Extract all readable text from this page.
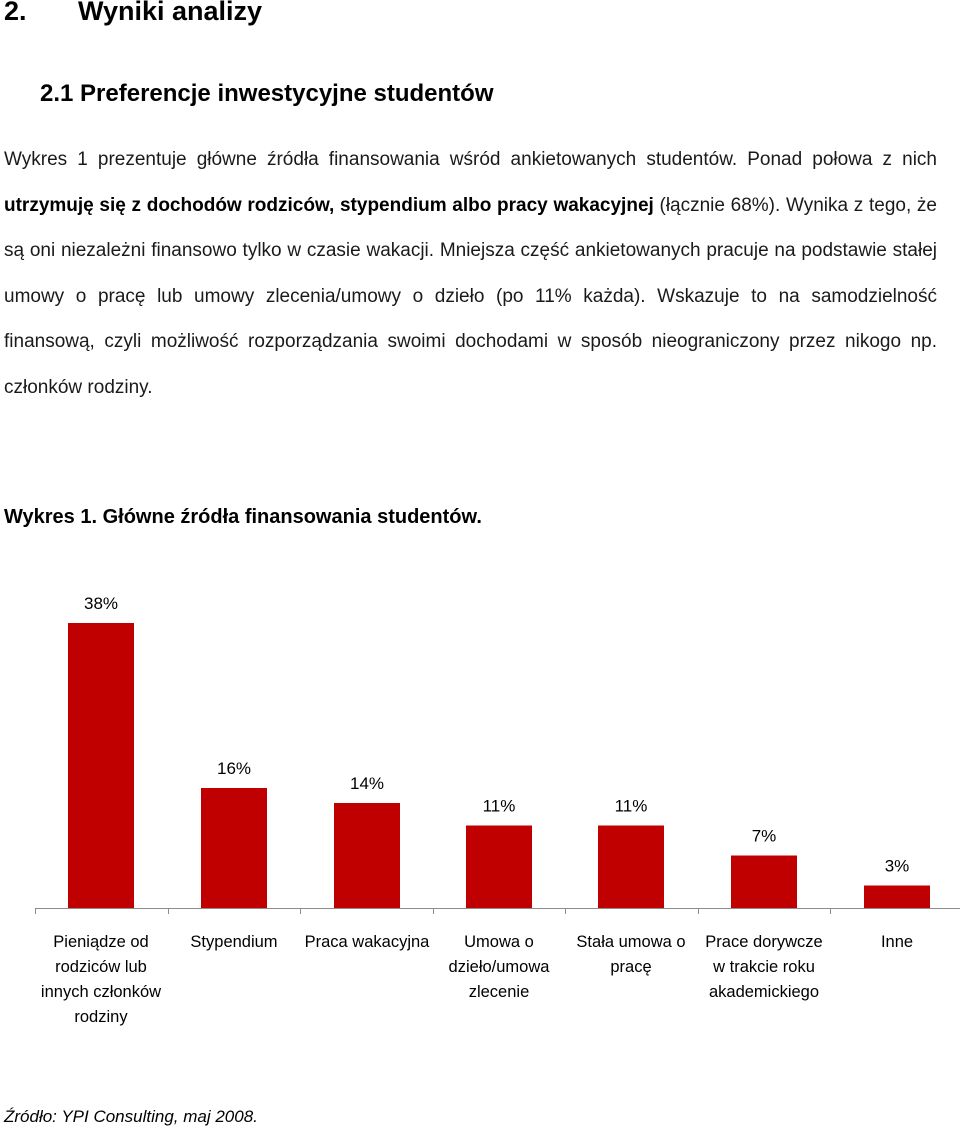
2. Wyniki analizy
2.1 Preferencje inwestycyjne studentów
Wykres 1 prezentuje główne źródła finansowania wśród ankietowanych studentów. Ponad połowa z nich utrzymuję się z dochodów rodziców, stypendium albo pracy wakacyjnej (łącznie 68%). Wynika z tego, że są oni niezależni finansowo tylko w czasie wakacji. Mniejsza część ankietowanych pracuje na podstawie stałej umowy o pracę lub umowy zlecenia/umowy o dzieło (po 11% każda). Wskazuje to na samodzielność finansową, czyli możliwość rozporządzania swoimi dochodami w sposób nieograniczony przez nikogo np. członków rodziny.
Wykres 1. Główne źródła finansowania studentów.
38%
16%
14%
11%	11%
7%
3%
Pieniądze od rodziców lub innych członków rodziny
Stypendium	Praca wakacyjna	Umowa o dzieło/umowa zlecenie
Stała umowa o pracę
Prace dorywcze w trakcie roku akademickiego
Inne
Źródło: YPI Consulting, maj 2008.
